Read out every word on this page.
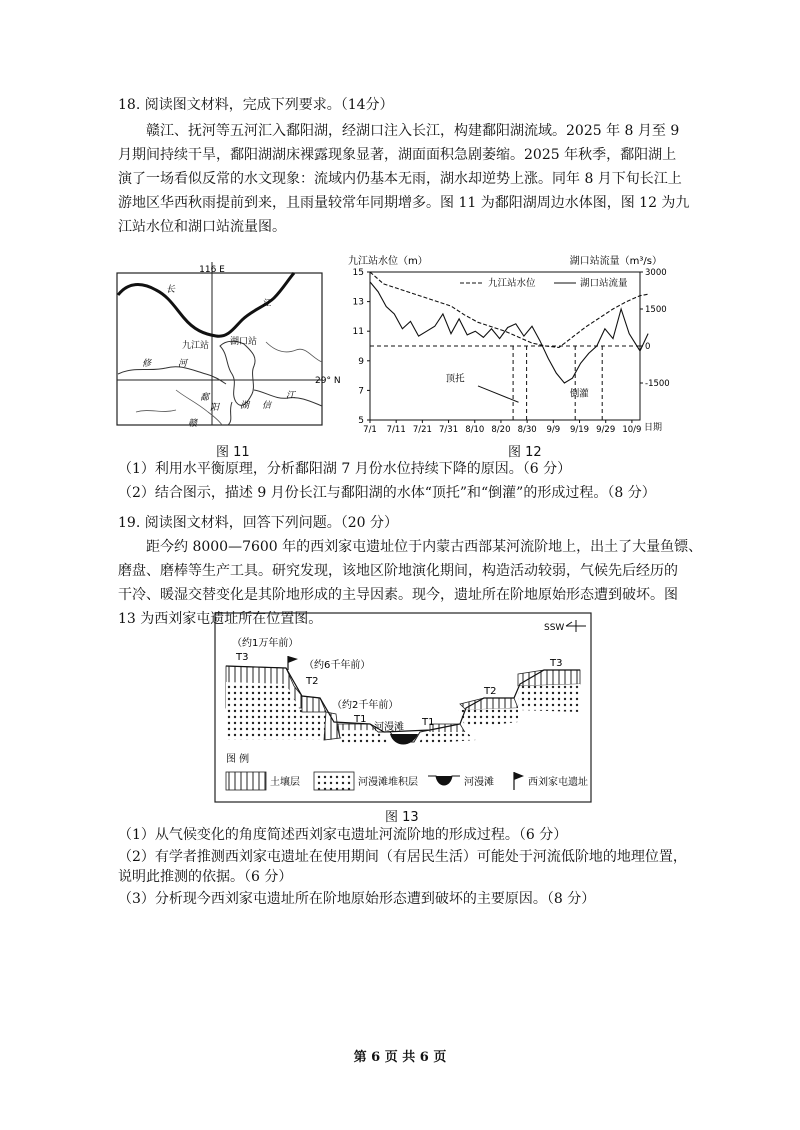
18. 阅读图文材料，完成下列要求。（14分）
赣江、抚河等五河汇入鄱阳湖，经湖口注入长江，构建鄱阳湖流域。2025 年 8 月至 9
月期间持续干旱，鄱阳湖湖床裸露现象显著，湖面面积急剧萎缩。2025 年秋季，鄱阳湖上
演了一场看似反常的水文现象：流域内仍基本无雨，湖水却逆势上涨。同年 8 月下旬长江上
游地区华西秋雨提前到来，且雨量较常年同期增多。图 11 为鄱阳湖周边水体图，图 12 为九
江站水位和湖口站流量图。
116 E
29° N
长
江
九江站 湖口站
修	河
鄱
阳 湖
赣
信
江
图 11
九江站水位（m）	湖口站流量（m³/s）
5
7
9
11
13
15
-1500
0
1500
3000
7/1 7/11 7/21 7/31 8/10 8/20 8/30 9/9 9/19 9/29 10/9
九江站水位	湖口站流量
顶托
倒灌
日期
图 12
（1）利用水平衡原理，分析鄱阳湖 7 月份水位持续下降的原因。（6 分）
（2）结合图示，描述 9 月份长江与鄱阳湖的水体“顶托”和“倒灌”的形成过程。（8 分）
19. 阅读图文材料，回答下列问题。（20 分）
距今约 8000—7600 年的西刘家屯遗址位于内蒙古西部某河流阶地上，出土了大量鱼镖、
磨盘、磨棒等生产工具。研究发现，该地区阶地演化期间，构造活动较弱，气候先后经历的
干冷、暖湿交替变化是其阶地形成的主导因素。现今，遗址所在阶地原始形态遭到破坏。图
13 为西刘家屯遗址所在位置图。
（约1万年前）
T3
（约6千年前）
T2
（约2千年前）
T1
河漫滩 T1
T2
T3
SSW
图 例
土壤层	河漫滩堆积层	河漫滩	西刘家屯遗址
图 13
（1）从气候变化的角度简述西刘家屯遗址河流阶地的形成过程。（6 分）
（2）有学者推测西刘家屯遗址在使用期间（有居民生活）可能处于河流低阶地的地理位置，
说明此推测的依据。（6 分）
（3）分析现今西刘家屯遗址所在阶地原始形态遭到破坏的主要原因。（8 分）
第 6 页 共 6 页
